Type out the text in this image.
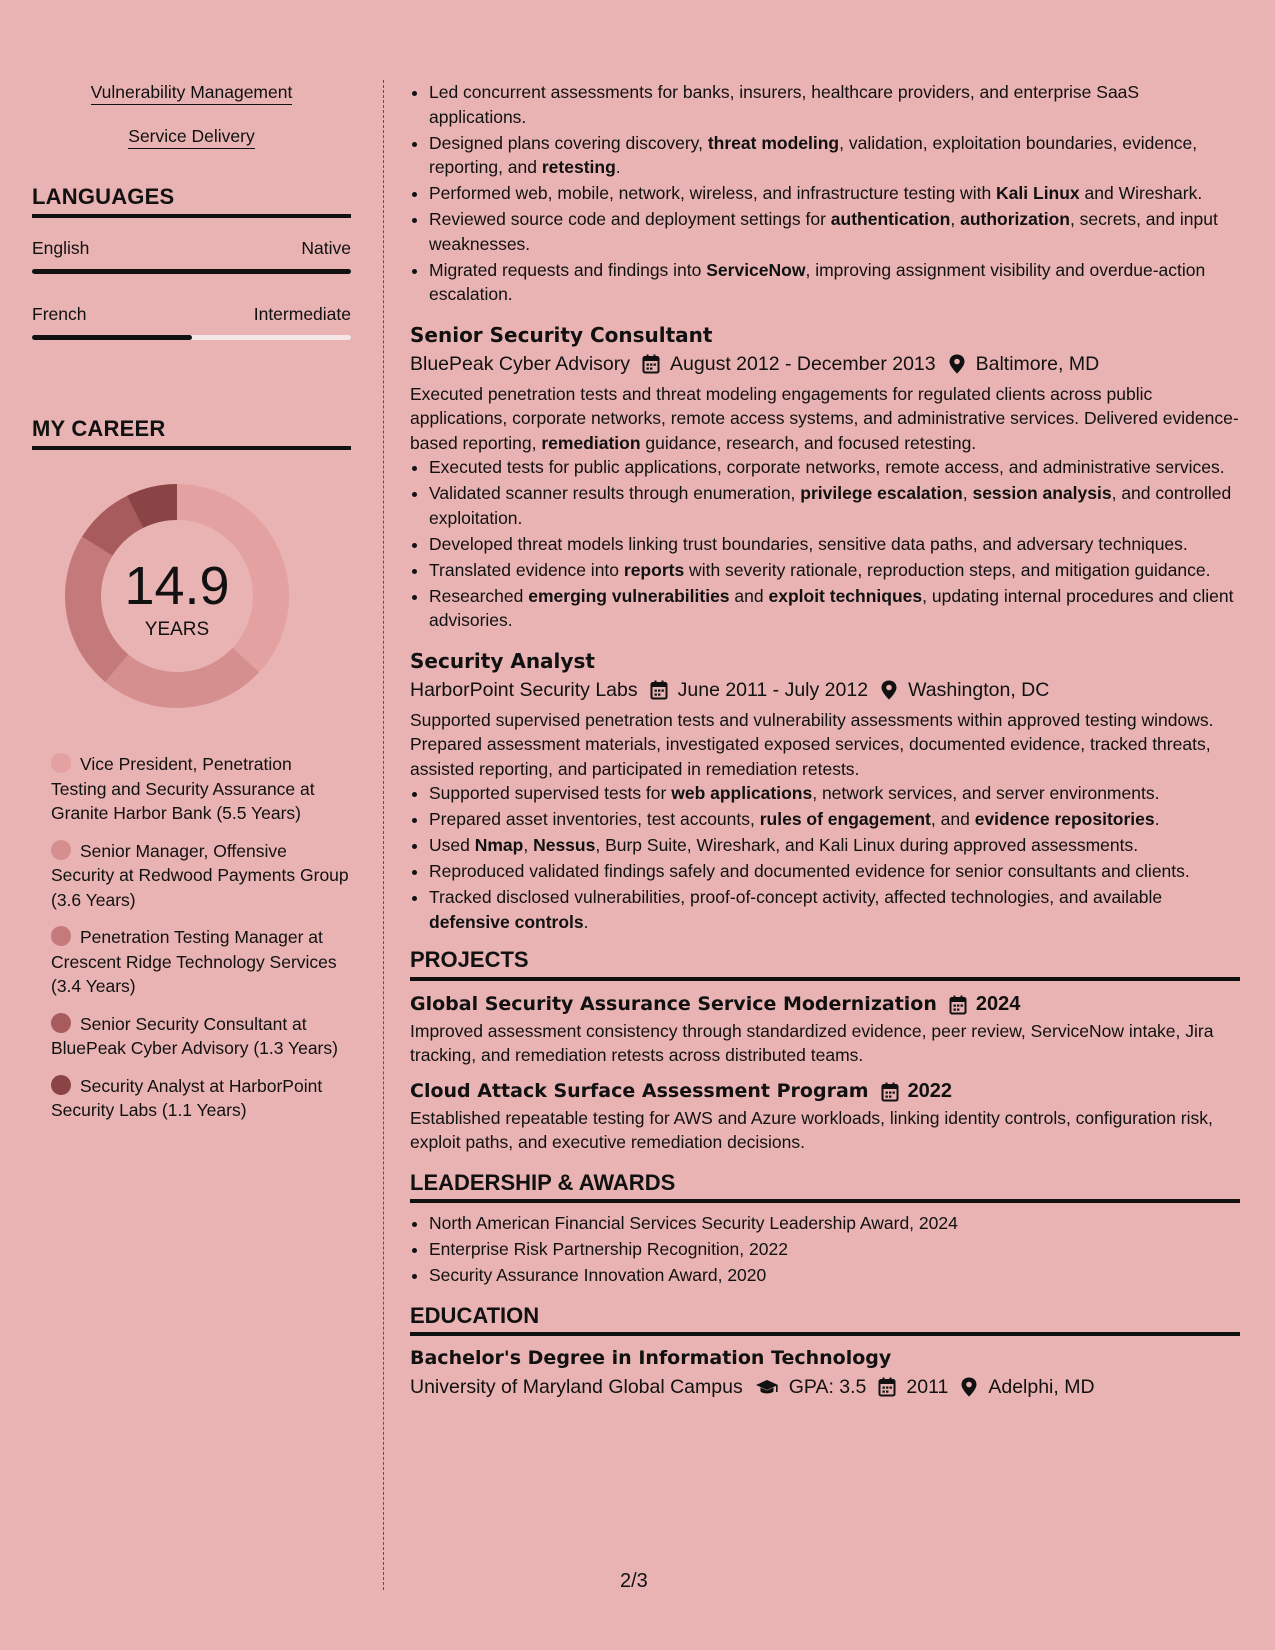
Vulnerability Management
Service Delivery
LANGUAGES
English	Native
French	Intermediate
MY CAREER
14.9
YEARS
Vice President, Penetration Testing and Security Assurance at Granite Harbor Bank (5.5 Years)
Senior Manager, Offensive Security at Redwood Payments Group (3.6 Years)
Penetration Testing Manager at Crescent Ridge Technology Services (3.4 Years)
Senior Security Consultant at BluePeak Cyber Advisory (1.3 Years)
Security Analyst at HarborPoint Security Labs (1.1 Years)
• Led concurrent assessments for banks, insurers, healthcare providers, and enterprise SaaS applications.
• Designed plans covering discovery, threat modeling, validation, exploitation boundaries, evidence, reporting, and retesting.
• Performed web, mobile, network, wireless, and infrastructure testing with Kali Linux and Wireshark.
• Reviewed source code and deployment settings for authentication, authorization, secrets, and input weaknesses.
• Migrated requests and findings into ServiceNow, improving assignment visibility and overdue-action escalation.
Senior Security Consultant
BluePeak Cyber Advisory August 2012 - December 2013 Baltimore, MD
Executed penetration tests and threat modeling engagements for regulated clients across public applications, corporate networks, remote access systems, and administrative services. Delivered evidence-based reporting, remediation guidance, research, and focused retesting.
• Executed tests for public applications, corporate networks, remote access, and administrative services.
• Validated scanner results through enumeration, privilege escalation, session analysis, and controlled exploitation.
• Developed threat models linking trust boundaries, sensitive data paths, and adversary techniques.
• Translated evidence into reports with severity rationale, reproduction steps, and mitigation guidance.
• Researched emerging vulnerabilities and exploit techniques, updating internal procedures and client advisories.
Security Analyst
HarborPoint Security Labs June 2011 - July 2012 Washington, DC
Supported supervised penetration tests and vulnerability assessments within approved testing windows. Prepared assessment materials, investigated exposed services, documented evidence, tracked threats, assisted reporting, and participated in remediation retests.
• Supported supervised tests for web applications, network services, and server environments.
• Prepared asset inventories, test accounts, rules of engagement, and evidence repositories.
• Used Nmap, Nessus, Burp Suite, Wireshark, and Kali Linux during approved assessments.
• Reproduced validated findings safely and documented evidence for senior consultants and clients.
• Tracked disclosed vulnerabilities, proof-of-concept activity, affected technologies, and available defensive controls.
PROJECTS
Global Security Assurance Service Modernization 2024
Improved assessment consistency through standardized evidence, peer review, ServiceNow intake, Jira tracking, and remediation retests across distributed teams.
Cloud Attack Surface Assessment Program 2022
Established repeatable testing for AWS and Azure workloads, linking identity controls, configuration risk, exploit paths, and executive remediation decisions.
LEADERSHIP & AWARDS
• North American Financial Services Security Leadership Award, 2024
• Enterprise Risk Partnership Recognition, 2022
• Security Assurance Innovation Award, 2020
EDUCATION
Bachelor's Degree in Information Technology
University of Maryland Global Campus GPA: 3.5 2011 Adelphi, MD
2/3
